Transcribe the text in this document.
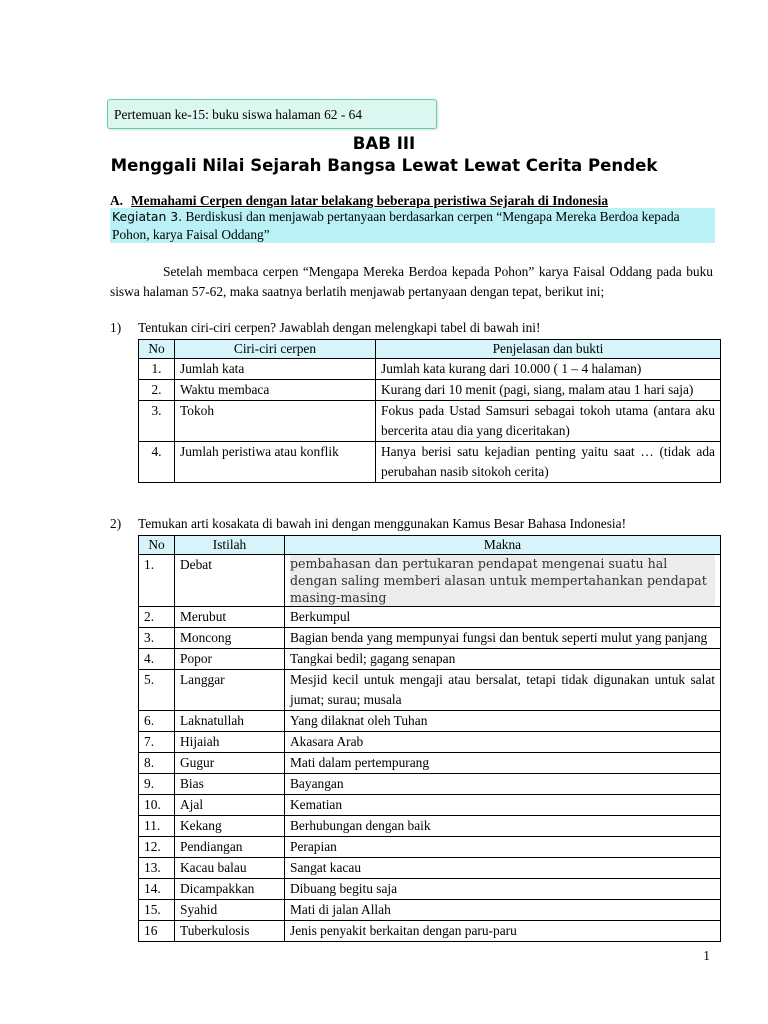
Pertemuan ke-15: buku siswa halaman 62 - 64
BAB III
Menggali Nilai Sejarah Bangsa Lewat Lewat Cerita Pendek
A. Memahami Cerpen dengan latar belakang beberapa peristiwa Sejarah di Indonesia
Kegiatan 3. Berdiskusi dan menjawab pertanyaan berdasarkan cerpen “Mengapa Mereka Berdoa kepada Pohon, karya Faisal Oddang”
Setelah membaca cerpen “Mengapa Mereka Berdoa kepada Pohon” karya Faisal Oddang pada buku siswa halaman 57-62, maka saatnya berlatih menjawab pertanyaan dengan tepat, berikut ini;
1) Tentukan ciri-ciri cerpen? Jawablah dengan melengkapi tabel di bawah ini!
No	Ciri-ciri cerpen	Penjelasan dan bukti
1.	Jumlah kata	Jumlah kata kurang dari 10.000 ( 1 – 4 halaman)
2.	Waktu membaca	Kurang dari 10 menit (pagi, siang, malam atau 1 hari saja)
3.	Tokoh	Fokus pada Ustad Samsuri sebagai tokoh utama (antara aku bercerita atau dia yang diceritakan)
4.	Jumlah peristiwa atau konflik	Hanya berisi satu kejadian penting yaitu saat … (tidak ada perubahan nasib sitokoh cerita)
2) Temukan arti kosakata di bawah ini dengan menggunakan Kamus Besar Bahasa Indonesia!
No	Istilah	Makna
1.	Debat	pembahasan dan pertukaran pendapat mengenai suatu hal dengan saling memberi alasan untuk mempertahankan pendapat masing-masing

2.	Merubut	Berkumpul
3.	Moncong	Bagian benda yang mempunyai fungsi dan bentuk seperti mulut yang panjang
4.	Popor	Tangkai bedil; gagang senapan
5.	Langgar	Mesjid kecil untuk mengaji atau bersalat, tetapi tidak digunakan untuk salat jumat; surau; musala
6.	Laknatullah	Yang dilaknat oleh Tuhan
7.	Hijaiah	Akasara Arab
8.	Gugur	Mati dalam pertempurang
9.	Bias	Bayangan
10.	Ajal	Kematian
11.	Kekang	Berhubungan dengan baik
12.	Pendiangan	Perapian
13.	Kacau balau	Sangat kacau
14.	Dicampakkan	Dibuang begitu saja
15.	Syahid	Mati di jalan Allah
16	Tuberkulosis	Jenis penyakit berkaitan dengan paru-paru
1
